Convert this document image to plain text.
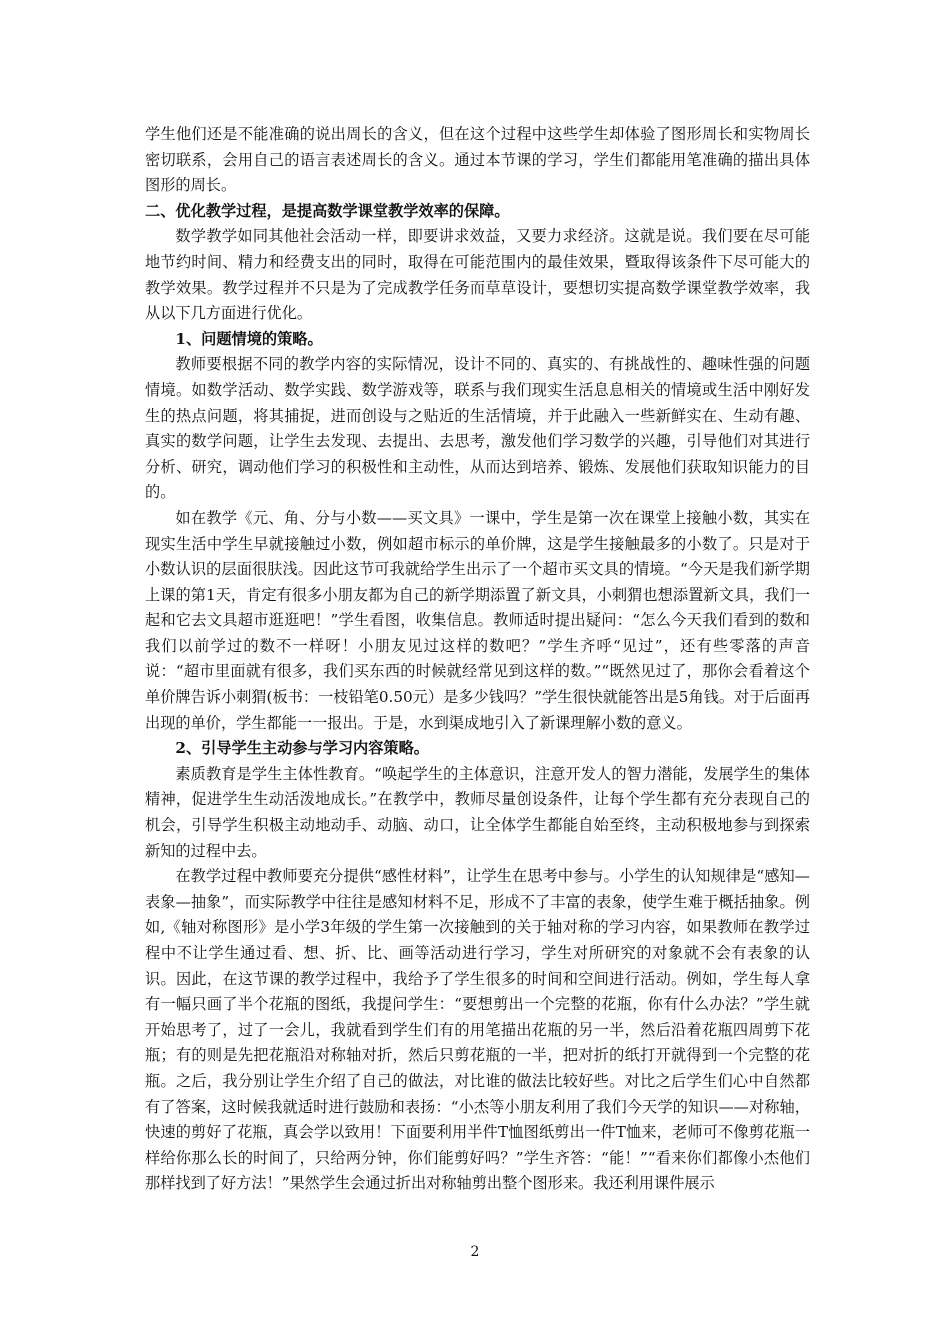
学生他们还是不能准确的说出周长的含义，但在这个过程中这些学生却体验了图形周长和实物周长密切联系，会用自己的语言表述周长的含义。通过本节课的学习，学生们都能用笔准确的描出具体图形的周长。

二、优化教学过程，是提高数学课堂教学效率的保障。

数学教学如同其他社会活动一样，即要讲求效益，又要力求经济。这就是说。我们要在尽可能地节约时间、精力和经费支出的同时，取得在可能范围内的最佳效果，暨取得该条件下尽可能大的教学效果。教学过程并不只是为了完成教学任务而草草设计，要想切实提高数学课堂教学效率，我从以下几方面进行优化。

1、问题情境的策略。

教师要根据不同的教学内容的实际情况，设计不同的、真实的、有挑战性的、趣味性强的问题情境。如数学活动、数学实践、数学游戏等，联系与我们现实生活息息相关的情境或生活中刚好发生的热点问题，将其捕捉，进而创设与之贴近的生活情境，并于此融入一些新鲜实在、生动有趣、真实的数学问题，让学生去发现、去提出、去思考，激发他们学习数学的兴趣，引导他们对其进行分析、研究，调动他们学习的积极性和主动性，从而达到培养、锻炼、发展他们获取知识能力的目的。

如在教学《元、角、分与小数——买文具》一课中，学生是第一次在课堂上接触小数，其实在现实生活中学生早就接触过小数，例如超市标示的单价牌，这是学生接触最多的小数了。只是对于小数认识的层面很肤浅。因此这节可我就给学生出示了一个超市买文具的情境。“今天是我们新学期上课的第1天，肯定有很多小朋友都为自己的新学期添置了新文具，小刺猬也想添置新文具，我们一起和它去文具超市逛逛吧！”学生看图，收集信息。教师适时提出疑问：“怎么今天我们看到的数和我们以前学过的数不一样呀！小朋友见过这样的数吧？”学生齐呼“见过”，还有些零落的声音说：“超市里面就有很多，我们买东西的时候就经常见到这样的数。”“既然见过了，那你会看着这个单价牌告诉小刺猬(板书：一枝铅笔0.50元）是多少钱吗？”学生很快就能答出是5角钱。对于后面再出现的单价，学生都能一一报出。于是，水到渠成地引入了新课理解小数的意义。

2、引导学生主动参与学习内容策略。

素质教育是学生主体性教育。“唤起学生的主体意识，注意开发人的智力潜能，发展学生的集体精神，促进学生生动活泼地成长。”在教学中，教师尽量创设条件，让每个学生都有充分表现自己的机会，引导学生积极主动地动手、动脑、动口，让全体学生都能自始至终，主动积极地参与到探索新知的过程中去。

在教学过程中教师要充分提供“感性材料”，让学生在思考中参与。小学生的认知规律是“感知—表象—抽象”，而实际教学中往往是感知材料不足，形成不了丰富的表象，使学生难于概括抽象。例如,《轴对称图形》是小学3年级的学生第一次接触到的关于轴对称的学习内容，如果教师在教学过程中不让学生通过看、想、折、比、画等活动进行学习，学生对所研究的对象就不会有表象的认识。因此，在这节课的教学过程中，我给予了学生很多的时间和空间进行活动。例如，学生每人拿有一幅只画了半个花瓶的图纸，我提问学生：“要想剪出一个完整的花瓶，你有什么办法？”学生就开始思考了，过了一会儿，我就看到学生们有的用笔描出花瓶的另一半，然后沿着花瓶四周剪下花瓶；有的则是先把花瓶沿对称轴对折，然后只剪花瓶的一半，把对折的纸打开就得到一个完整的花瓶。之后，我分别让学生介绍了自己的做法，对比谁的做法比较好些。对比之后学生们心中自然都有了答案，这时候我就适时进行鼓励和表扬：“小杰等小朋友利用了我们今天学的知识——对称轴，快速的剪好了花瓶，真会学以致用！下面要利用半件T恤图纸剪出一件T恤来，老师可不像剪花瓶一样给你那么长的时间了，只给两分钟，你们能剪好吗？”学生齐答：“能！”“看来你们都像小杰他们那样找到了好方法！”果然学生会通过折出对称轴剪出整个图形来。我还利用课件展示

2
